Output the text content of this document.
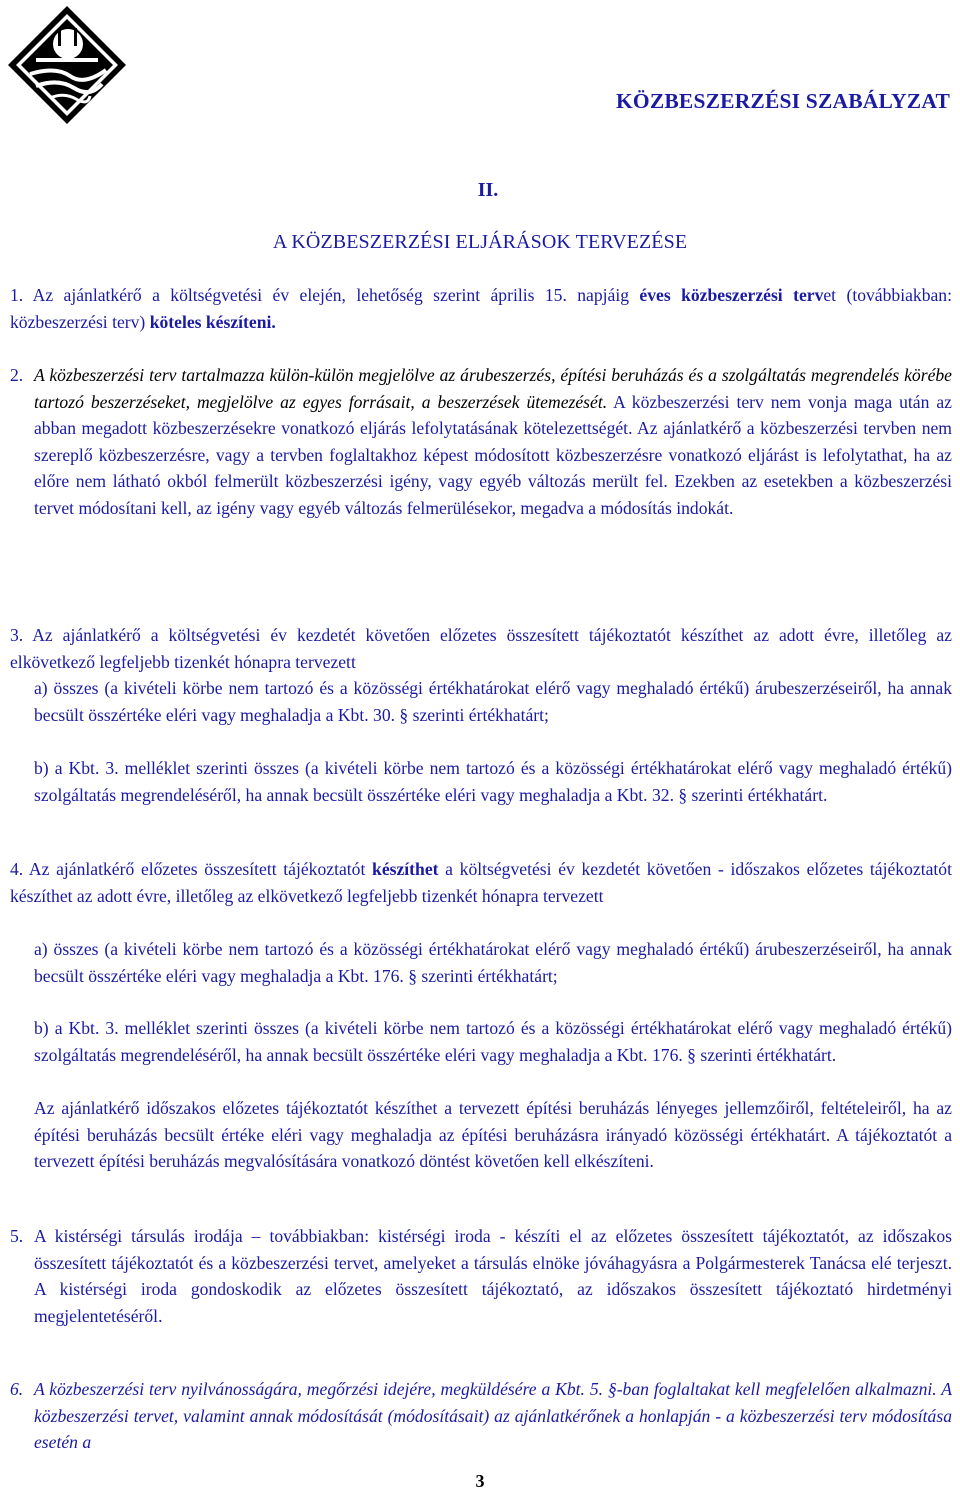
KÖZBESZERZÉSI SZABÁLYZAT
II.
A KÖZBESZERZÉSI ELJÁRÁSOK TERVEZÉSE

1. Az ajánlatkérő a költségvetési év elején, lehetőség szerint április 15. napjáig éves közbeszerzési tervet (továbbiakban: közbeszerzési terv) köteles készíteni.

2. A közbeszerzési terv tartalmazza külön-külön megjelölve az árubeszerzés, építési beruházás és a szolgáltatás megrendelés körébe tartozó beszerzéseket, megjelölve az egyes forrásait, a beszerzések ütemezését. A közbeszerzési terv nem vonja maga után az abban megadott közbeszerzésekre vonatkozó eljárás lefolytatásának kötelezettségét. Az ajánlatkérő a közbeszerzési tervben nem szereplő közbeszerzésre, vagy a tervben foglaltakhoz képest módosított közbeszerzésre vonatkozó eljárást is lefolytathat, ha az előre nem látható okból felmerült közbeszerzési igény, vagy egyéb változás merült fel. Ezekben az esetekben a közbeszerzési tervet módosítani kell, az igény vagy egyéb változás felmerülésekor, megadva a módosítás indokát.

3. Az ajánlatkérő a költségvetési év kezdetét követően előzetes összesített tájékoztatót készíthet az adott évre, illetőleg az elkövetkező legfeljebb tizenkét hónapra tervezett

a) összes (a kivételi körbe nem tartozó és a közösségi értékhatárokat elérő vagy meghaladó értékű) árubeszerzéseiről, ha annak becsült összértéke eléri vagy meghaladja a Kbt. 30. § szerinti értékhatárt;

b) a Kbt. 3. melléklet szerinti összes (a kivételi körbe nem tartozó és a közösségi értékhatárokat elérő vagy meghaladó értékű) szolgáltatás megrendeléséről, ha annak becsült összértéke eléri vagy meghaladja a Kbt. 32. § szerinti értékhatárt.

4. Az ajánlatkérő előzetes összesített tájékoztatót készíthet a költségvetési év kezdetét követően - időszakos előzetes tájékoztatót készíthet az adott évre, illetőleg az elkövetkező legfeljebb tizenkét hónapra tervezett

a) összes (a kivételi körbe nem tartozó és a közösségi értékhatárokat elérő vagy meghaladó értékű) árubeszerzéseiről, ha annak becsült összértéke eléri vagy meghaladja a Kbt. 176. § szerinti értékhatárt;

b) a Kbt. 3. melléklet szerinti összes (a kivételi körbe nem tartozó és a közösségi értékhatárokat elérő vagy meghaladó értékű) szolgáltatás megrendeléséről, ha annak becsült összértéke eléri vagy meghaladja a Kbt. 176. § szerinti értékhatárt.

Az ajánlatkérő időszakos előzetes tájékoztatót készíthet a tervezett építési beruházás lényeges jellemzőiről, feltételeiről, ha az építési beruházás becsült értéke eléri vagy meghaladja az építési beruházásra irányadó közösségi értékhatárt. A tájékoztatót a tervezett építési beruházás megvalósítására vonatkozó döntést követően kell elkészíteni.

5. A kistérségi társulás irodája – továbbiakban: kistérségi iroda - készíti el az előzetes összesített tájékoztatót, az időszakos összesített tájékoztatót és a közbeszerzési tervet, amelyeket a társulás elnöke jóváhagyásra a Polgármesterek Tanácsa elé terjeszt. A kistérségi iroda gondoskodik az előzetes összesített tájékoztató, az időszakos összesített tájékoztató hirdetményi megjelentetéséről.
6. A közbeszerzési terv nyilvánosságára, megőrzési idejére, megküldésére a Kbt. 5. §-ban foglaltakat kell megfelelően alkalmazni. A közbeszerzési tervet, valamint annak módosítását (módosításait) az ajánlatkérőnek a honlapján - a közbeszerzési terv módosítása esetén a
3
